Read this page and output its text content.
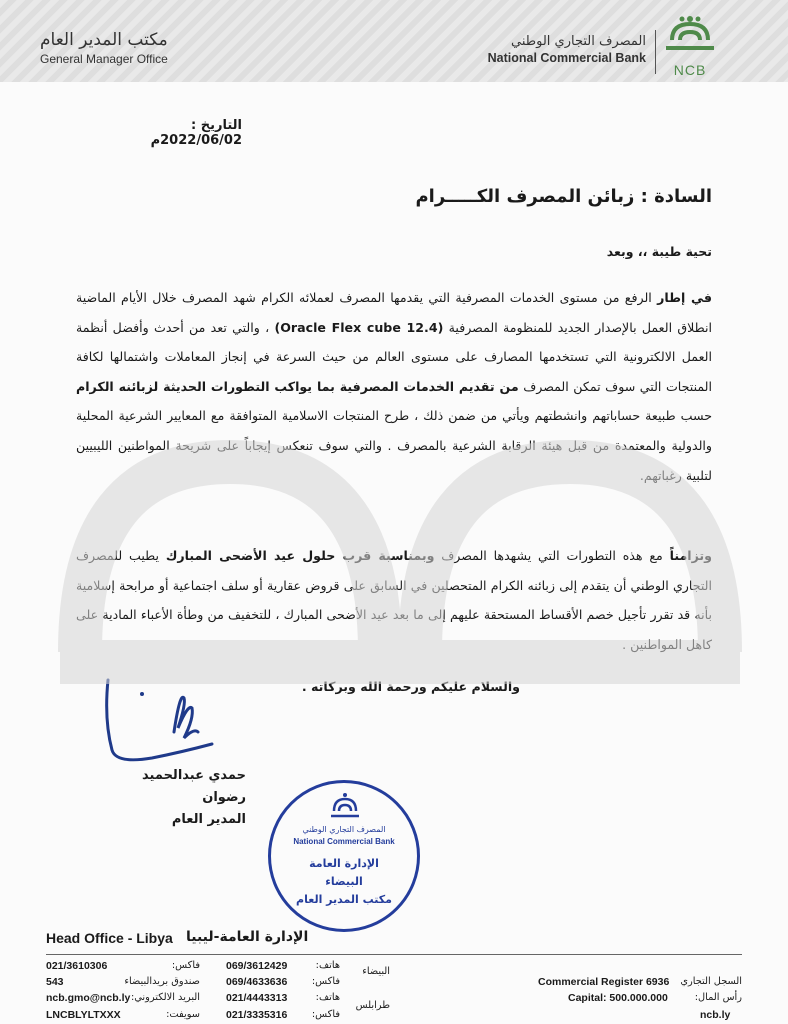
مكتب المدير العام
General Manager Office
المصرف التجاري الوطني
National Commercial Bank
NCB
التاريخ : 2022/06/02م
السادة : زبائن المصرف الكـــــرام
تحية طيبة ،، وبعد
في إطار الرفع من مستوى الخدمات المصرفية التي يقدمها المصرف لعملائه الكرام شهد المصرف خلال الأيام الماضية انطلاق العمل بالإصدار الجديد للمنظومة المصرفية (Oracle Flex cube 12.4) ، والتي تعد من أحدث وأفضل أنظمة العمل الالكترونية التي تستخدمها المصارف على مستوى العالم من حيث السرعة في إنجاز المعاملات واشتمالها لكافة المنتجات التي سوف تمكن المصرف من تقديم الخدمات المصرفية بما يواكب التطورات الحديثة لزبائنه الكرام حسب طبيعة حساباتهم وانشطتهم ويأتي من ضمن ذلك ، طرح المنتجات الاسلامية المتوافقة مع المعايير الشرعية المحلية والدولية والمعتمدة من قبل هيئة الرقابة الشرعية بالمصرف . والتي سوف تنعكس إيجاباً على شريحة المواطنين الليبيين لتلبية رغباتهم.
وتزامناً مع هذه التطورات التي يشهدها المصرف وبمناسبة قرب حلول عيد الأضحى المبارك يطيب للمصرف التجاري الوطني أن يتقدم إلى زبائنه الكرام المتحصلين في السابق على قروض عقارية أو سلف اجتماعية أو مرابحة إسلامية بأنه قد تقرر تأجيل خصم الأقساط المستحقة عليهم إلى ما بعد عيد الأضحى المبارك ، للتخفيف من وطأة الأعباء المادية على كاهل المواطنين .
والسلام عليكم ورحمة الله وبركاته .
حمدي عبدالحميد رضوان
المدير العام
المصرف التجاري الوطني
National Commercial Bank
الإدارة العامة
البيضاء
مكتب المدير العام
Head Office - Libya الإدارة العامة-ليبيا
021/3610306
543
ncb.gmo@ncb.ly
LNCBLYLTXXX
فاكس:
صندوق بريدالبيضاء
البريد الالكتروني:
سويفت:
069/3612429
069/4633636
021/4443313
021/3335316
هاتف:
فاكس:
هاتف:
فاكس:
البيضاء
طرابلس
Commercial Register 6936 السجل التجاري
Capital: 500.000.000	رأس المال:
ncb.ly
